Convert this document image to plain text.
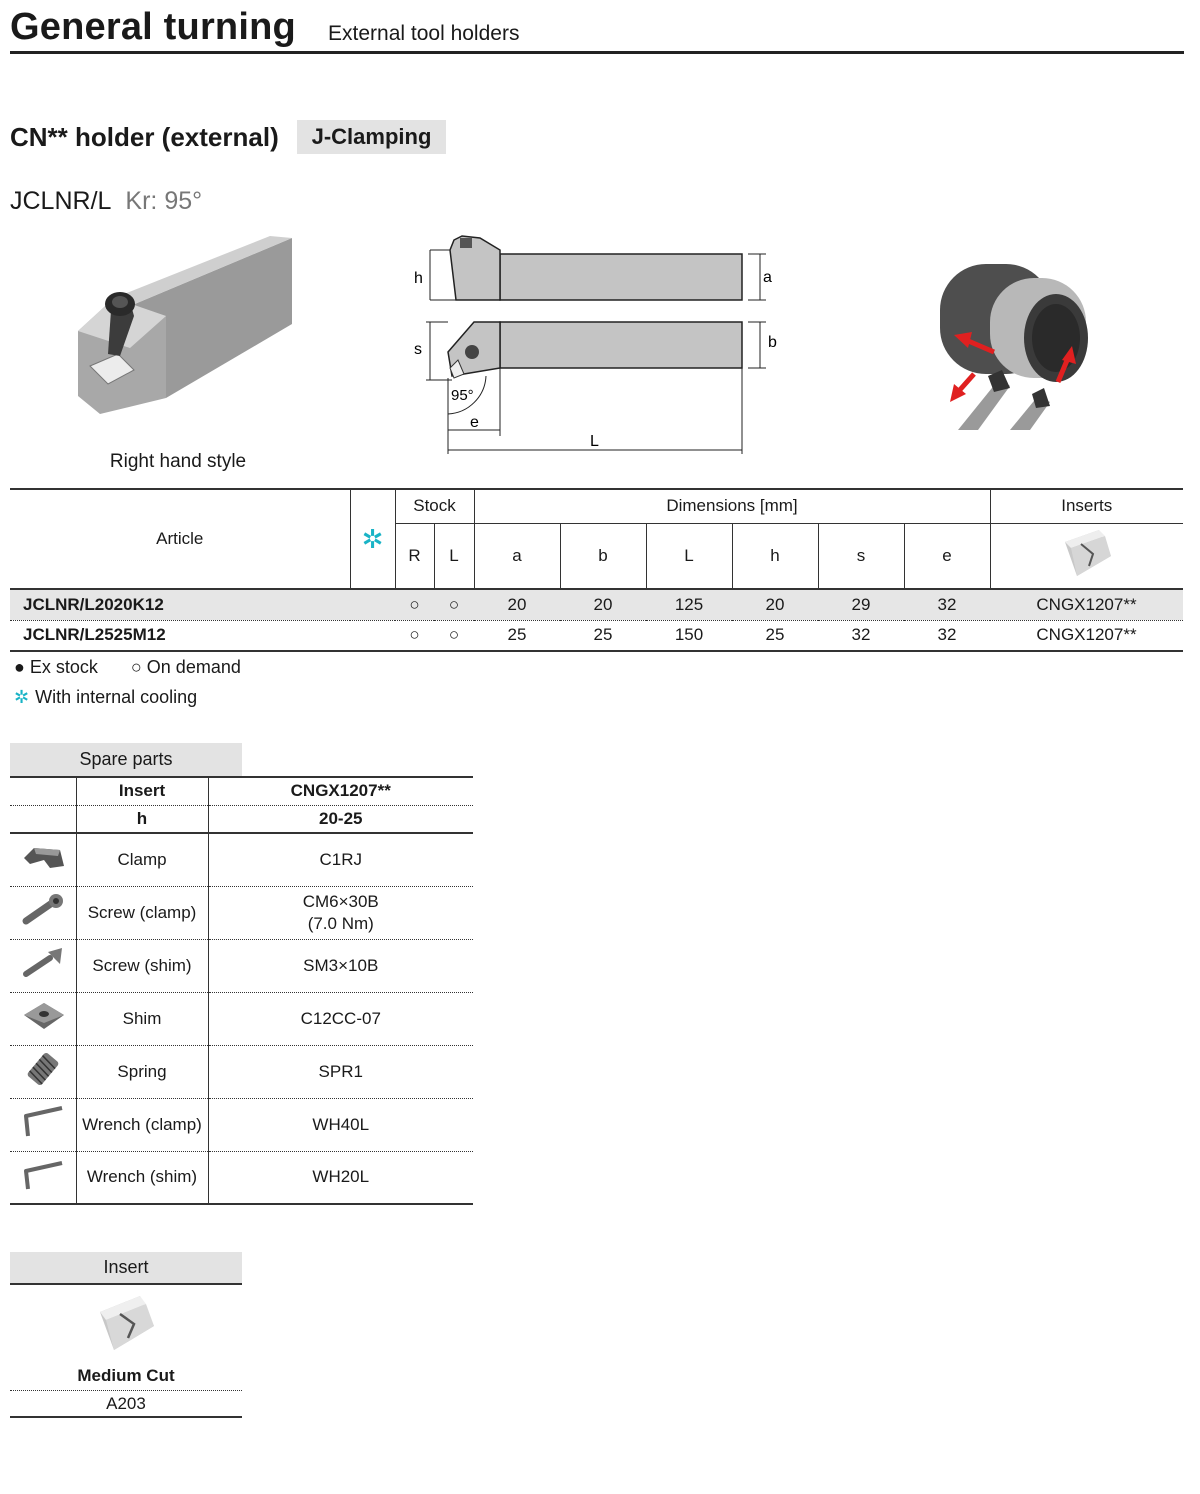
General turning External tool holders
CN** holder (external)	J-Clamping
JCLNR/L Kr: 95°
Right hand style
h	a
s	b
95°
e
L
Article	✲	Stock		Dimensions [mm]						Inserts
		R	L	a	b	L	h	s	e	
JCLNR/L2020K12		○	○	20	20	125	20	29	32	CNGX1207**
JCLNR/L2525M12		○	○	25	25	150	25	32	32	CNGX1207**
● Ex stock ○ On demand
✲ With internal cooling
Spare parts
	Insert	CNGX1207**
	h	20-25
	Clamp	C1RJ
	Screw (clamp)	CM6×30B
(7.0 Nm)

	Screw (shim)	SM3×10B
	Shim	C12CC-07
	Spring	SPR1
	Wrench (clamp)	WH40L
	Wrench (shim)	WH20L
Insert
Medium Cut
A203
